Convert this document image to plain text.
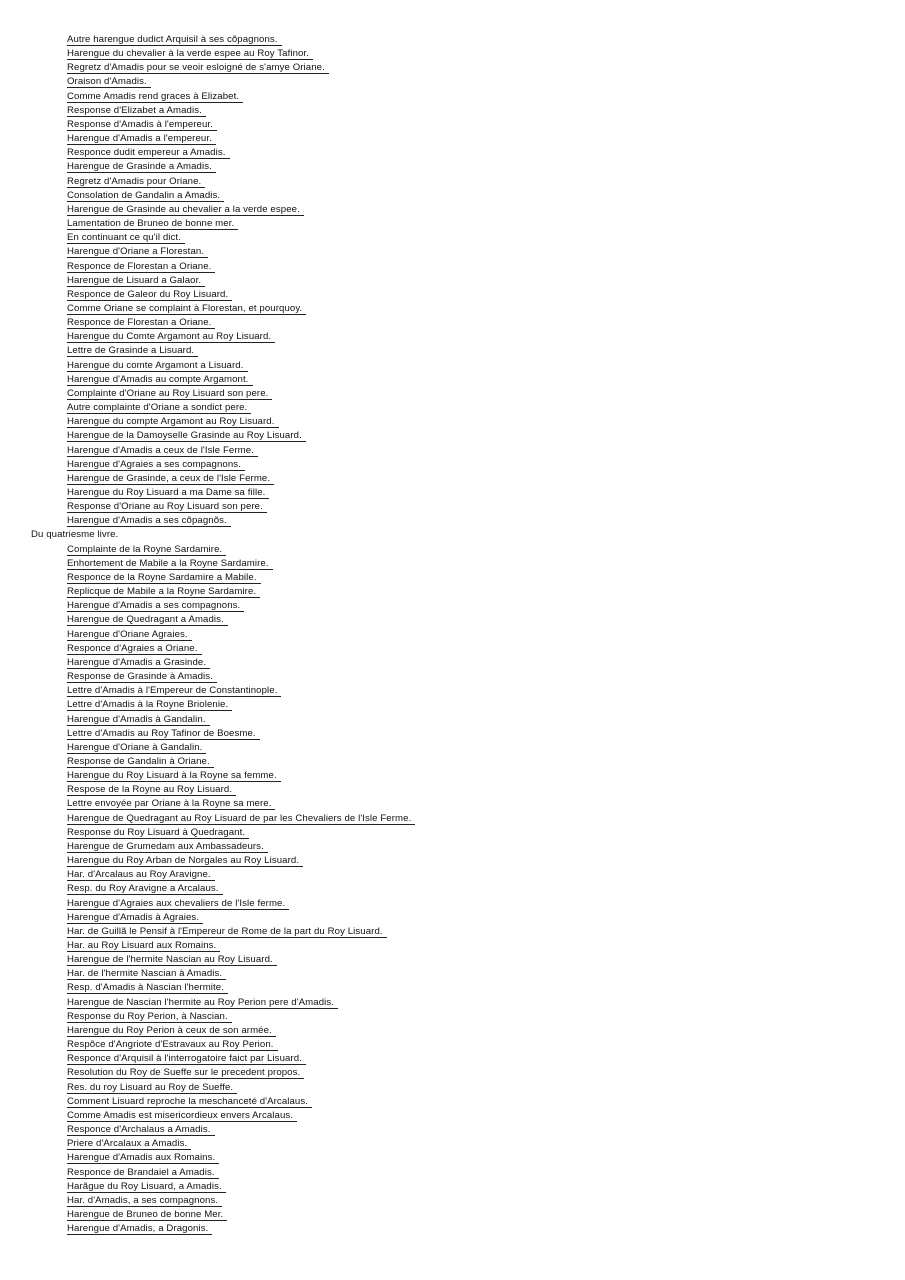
Autre harengue dudict Arquisil à ses cõpagnons.
Harengue du chevalier à la verde espee au Roy Tafinor.
Regretz d'Amadis pour se veoir esloigné de s'amye Oriane.
Oraison d'Amadis.
Comme Amadis rend graces à Elizabet.
Response d'Elizabet a Amadis.
Response d'Amadis à l'empereur.
Harengue d'Amadis a l'empereur.
Responce dudit empereur a Amadis.
Harengue de Grasinde a Amadis.
Regretz d'Amadis pour Oriane.
Consolation de Gandalin a Amadis.
Harengue de Grasinde au chevalier a la verde espee.
Lamentation de Bruneo de bonne mer.
En continuant ce qu'il dict.
Harengue d'Oriane a Florestan.
Responce de Florestan a Oriane.
Harengue de Lisuard a Galaor.
Responce de Galeor du Roy Lisuard.
Comme Oriane se complaint à Florestan, et pourquoy.
Responce de Florestan a Oriane.
Harengue du Comte Argamont au Roy Lisuard.
Lettre de Grasinde a Lisuard.
Harengue du comte Argamont a Lisuard.
Harengue d'Amadis au compte Argamont.
Complainte d'Oriane au Roy Lisuard son pere.
Autre complainte d'Oriane a sondict pere.
Harengue du compte Argamont au Roy Lisuard.
Harengue de la Damoyselle Grasinde au Roy Lisuard.
Harengue d'Amadis a ceux de l'Isle Ferme.
Harengue d'Agraies a ses compagnons.
Harengue de Grasinde, a ceux de l'Isle Ferme.
Harengue du Roy Lisuard a ma Dame sa fille.
Response d'Oriane au Roy Lisuard son pere.
Harengue d'Amadis a ses cõpagnõs.
Du quatriesme livre.
Complainte de la Royne Sardamire.
Enhortement de Mabile a la Royne Sardamire.
Responce de la Royne Sardamire a Mabile.
Replicque de Mabile a la Royne Sardamire.
Harengue d'Amadis a ses compagnons.
Harengue de Quedragant a Amadis.
Harengue d'Oriane Agraies.
Responce d'Agraies a Oriane.
Harengue d'Amadis a Grasinde.
Response de Grasinde à Amadis.
Lettre d'Amadis à l'Empereur de Constantinople.
Lettre d'Amadis à la Royne Briolenie.
Harengue d'Amadis à Gandalin.
Lettre d'Amadis au Roy Tafinor de Boesme.
Harengue d'Oriane à Gandalin.
Response de Gandalin à Oriane.
Harengue du Roy Lisuard à la Royne sa femme.
Respose de la Royne au Roy Lisuard.
Lettre envoyée par Oriane à la Royne sa mere.
Harengue de Quedragant au Roy Lisuard de par les Chevaliers de l'Isle Ferme.
Response du Roy Lisuard à Quedragant.
Harengue de Grumedam aux Ambassadeurs.
Harengue du Roy Arban de Norgales au Roy Lisuard.
Har. d'Arcalaus au Roy Aravigne.
Resp. du Roy Aravigne a Arcalaus.
Harengue d'Agraies aux chevaliers de l'Isle ferme.
Harengue d'Amadis à Agraies.
Har. de Guillã le Pensif à l'Empereur de Rome de la part du Roy Lisuard.
Har. au Roy Lisuard aux Romains.
Harengue de l'hermite Nascian au Roy Lisuard.
Har. de l'hermite Nascian à Amadis.
Resp. d'Amadis à Nascian l'hermite.
Harengue de Nascian l'hermite au Roy Perion pere d'Amadis.
Response du Roy Perion, à Nascian.
Harengue du Roy Perion à ceux de son armée.
Respõce d'Angriote d'Estravaux au Roy Perion.
Responce d'Arquisil à l'interrogatoire faict par Lisuard.
Resolution du Roy de Sueffe sur le precedent propos.
Res. du roy Lisuard au Roy de Sueffe.
Comment Lisuard reproche la meschanceté d'Arcalaus.
Comme Amadis est misericordieux envers Arcalaus.
Responce d'Archalaus a Amadis.
Priere d'Arcalaux a Amadis.
Harengue d'Amadis aux Romains.
Responce de Brandaiel a Amadis.
Harãgue du Roy Lisuard, a Amadis.
Har. d'Amadis, a ses compagnons.
Harengue de Bruneo de bonne Mer.
Harengue d'Amadis, a Dragonis.
